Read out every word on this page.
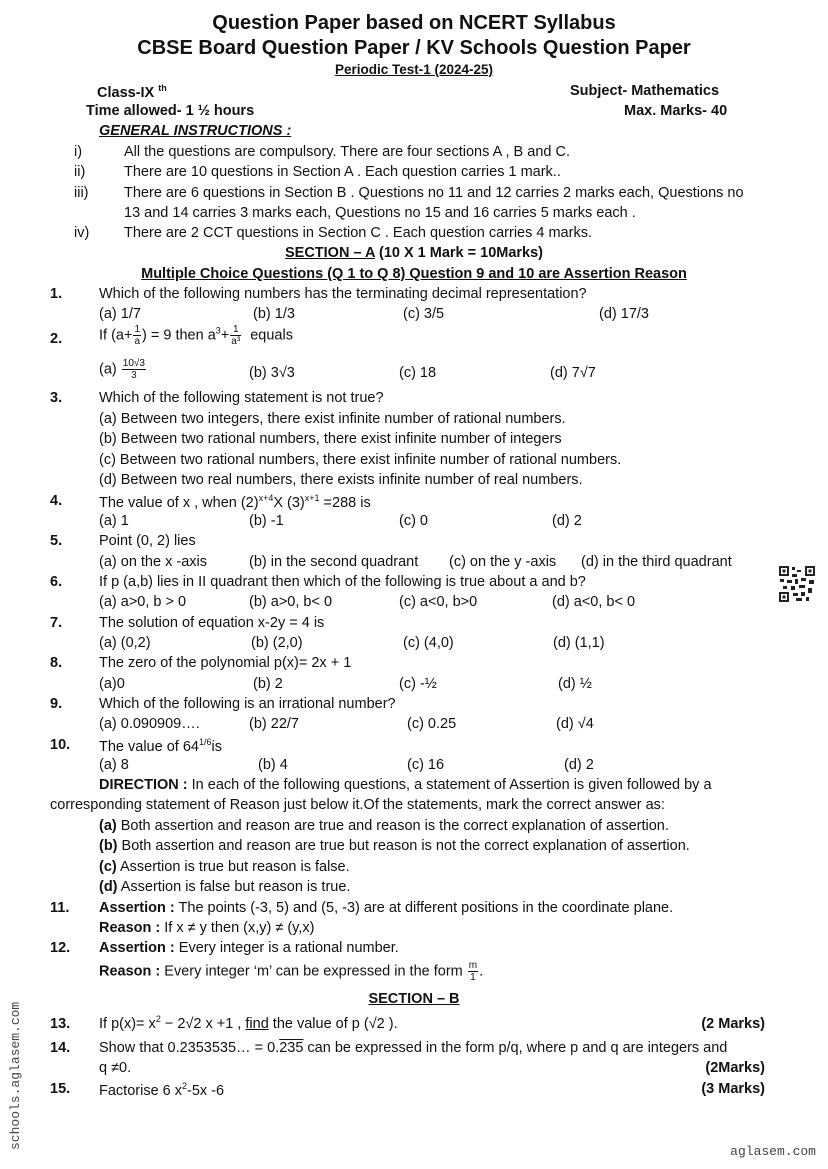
Question Paper based on NCERT Syllabus
CBSE Board Question Paper / KV Schools Question Paper
Periodic Test-1 (2024-25)
Class-IX $^{th}$	Subject- Mathematics
Time allowed- 1 ½ hours	Max. Marks- 40
GENERAL INSTRUCTIONS :
i)	All the questions are compulsory. There are four sections A , B and C.
ii)	There are 10 questions in Section A . Each question carries 1 mark..
iii) There are 6 questions in Section B . Questions no 11 and 12 carries 2 marks each, Questions no
13 and 14 carries 3 marks each, Questions no 15 and 16 carries 5 marks each .
iv) There are 2 CCT questions in Section C . Each question carries 4 marks.
SECTION – A (10 X 1 Mark = 10Marks)
Multiple Choice Questions (Q 1 to Q 8) Question 9 and 10 are Assertion Reason
1.	Which of the following numbers has the terminating decimal representation?
(a) 1/7	(b) 1/3	(c) 3/5	(d) 17/3
2.	If ($a+ \frac{1}{a}$ ) = 9 then $a^3+ \frac{1}{\text{a³}}$ equals
$(a) \frac{10√3}{3}$	(b) 3√3	(c) 18	(d) 7√7
3.	Which of the following statement is not true?
(a) Between two integers, there exist infinite number of rational numbers.
(b) Between two rational numbers, there exist infinite number of integers
(c) Between two rational numbers, there exist infinite number of rational numbers.
(d) Between two real numbers, there exists infinite number of real numbers.
4.	The value of x , when $(2)^{x+4}X$ $(3)^{x+1} =288$ is
(a) 1	(b) -1	(c) 0	(d) 2
5.	Point (0, 2) lies
(a) on the x -axis	(b) in the second quadrant (c) on the y -axis (d) in the third quadrant
6.	If p (a,b) lies in II quadrant then which of the following is true about a and b?
(a) a>0, b > 0	(b) a>0, b< 0	(c) a<0, b>0	(d) a<0, b< 0
7.	The solution of equation x-2y = 4 is
(a) (0,2)	(b) (2,0)	(c) (4,0)	(d) (1,1)
8.	The zero of the polynomial p(x)= 2x + 1
(a)0	(b) 2	(c) -½	(d) ½
9.	Which of the following is an irrational number?
(a) 0.090909….	(b) 22/7	(c) 0.25	(d) √4
10. The value of $64^{1/6}is$
(a) 8	(b) 4	(c) 16	(d) 2
DIRECTION : In each of the following questions, a statement of Assertion is given followed by a
corresponding statement of Reason just below it.Of the statements, mark the correct answer as:
(a) Both assertion and reason are true and reason is the correct explanation of assertion.
(b) Both assertion and reason are true but reason is not the correct explanation of assertion.
(c) Assertion is true but reason is false.
(d) Assertion is false but reason is true.
11. Assertion : The points (-3, 5) and (5, -3) are at different positions in the coordinate plane.
Reason : If x ≠ y then (x,y) ≠ (y,x)
12. Assertion : Every integer is a rational number.
Reason : Every integer ‘m’ can be expressed in the form $\frac{m}{1}$ .
SECTION – B
13. If $p(x)= x^2 - 2√2$ x +1 , find the value of p (√2 ).	(2 Marks)
14. Show that 0.2353535… = 0.235 can be expressed in the form p/q, where p and q are integers and
q ≠0.	(2Marks)
15. Factorise 6 $x^2-5x$ -6	(3 Marks)
schools.aglasem.com
aglasem.com
